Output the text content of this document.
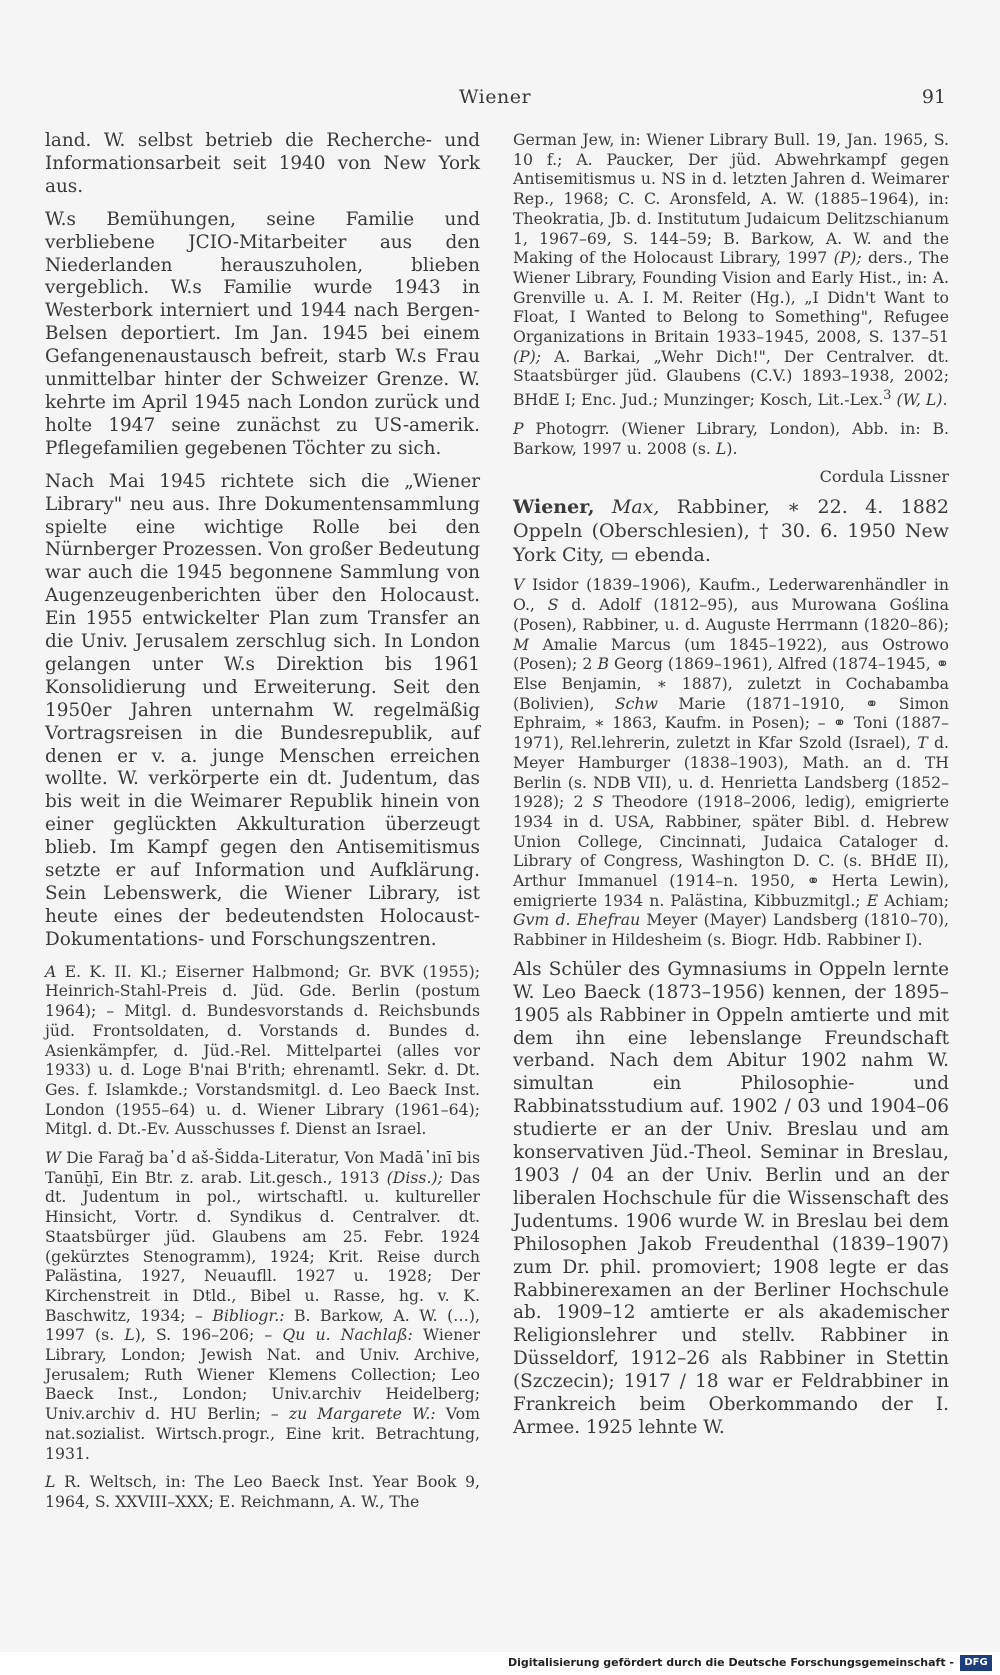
Wiener	91

land. W. selbst betrieb die Recherche- und Informationsarbeit seit 1940 von New York aus.

W.s Bemühungen, seine Familie und verbliebene JCIO-Mitarbeiter aus den Niederlanden herauszuholen, blieben vergeblich. W.s Familie wurde 1943 in Westerbork interniert und 1944 nach Bergen-Belsen deportiert. Im Jan. 1945 bei einem Gefangenenaustausch befreit, starb W.s Frau unmittelbar hinter der Schweizer Grenze. W. kehrte im April 1945 nach London zurück und holte 1947 seine zunächst zu US-amerik. Pflegefamilien gegebenen Töchter zu sich.

Nach Mai 1945 richtete sich die „Wiener Library" neu aus. Ihre Dokumentensammlung spielte eine wichtige Rolle bei den Nürnberger Prozessen. Von großer Bedeutung war auch die 1945 begonnene Sammlung von Augenzeugenberichten über den Holocaust. Ein 1955 entwickelter Plan zum Transfer an die Univ. Jerusalem zerschlug sich. In London gelangen unter W.s Direktion bis 1961 Konsolidierung und Erweiterung. Seit den 1950er Jahren unternahm W. regelmäßig Vortragsreisen in die Bundesrepublik, auf denen er v. a. junge Menschen erreichen wollte. W. verkörperte ein dt. Judentum, das bis weit in die Weimarer Republik hinein von einer geglückten Akkulturation überzeugt blieb. Im Kampf gegen den Antisemitismus setzte er auf Information und Aufklärung. Sein Lebenswerk, die Wiener Library, ist heute eines der bedeutendsten Holocaust-Dokumentations- und Forschungszentren.

A E. K. II. Kl.; Eiserner Halbmond; Gr. BVK (1955); Heinrich-Stahl-Preis d. Jüd. Gde. Berlin (postum 1964); – Mitgl. d. Bundesvorstands d. Reichsbunds jüd. Frontsoldaten, d. Vorstands d. Bundes d. Asienkämpfer, d. Jüd.-Rel. Mittelpartei (alles vor 1933) u. d. Loge B'nai B'rith; ehrenamtl. Sekr. d. Dt. Ges. f. Islamkde.; Vorstandsmitgl. d. Leo Baeck Inst. London (1955–64) u. d. Wiener Library (1961–64); Mitgl. d. Dt.-Ev. Ausschusses f. Dienst an Israel.

W Die Farağ ba῾d aš-Šidda-Literatur, Von Madā᾿inī bis Tanūḫī, Ein Btr. z. arab. Lit.gesch., 1913 (Diss.); Das dt. Judentum in pol., wirtschaftl. u. kultureller Hinsicht, Vortr. d. Syndikus d. Centralver. dt. Staatsbürger jüd. Glaubens am 25. Febr. 1924 (gekürztes Stenogramm), 1924; Krit. Reise durch Palästina, 1927, Neuaufll. 1927 u. 1928; Der Kirchenstreit in Dtld., Bibel u. Rasse, hg. v. K. Baschwitz, 1934; – Bibliogr.: B. Barkow, A. W. (…), 1997 (s. L), S. 196–206; – Qu u. Nachlaß: Wiener Library, London; Jewish Nat. and Univ. Archive, Jerusalem; Ruth Wiener Klemens Collection; Leo Baeck Inst., London; Univ.archiv Heidelberg; Univ.archiv d. HU Berlin; – zu Margarete W.: Vom nat.sozialist. Wirtsch.progr., Eine krit. Betrachtung, 1931.

L R. Weltsch, in: The Leo Baeck Inst. Year Book 9, 1964, S. XXVIII–XXX; E. Reichmann, A. W., The

German Jew, in: Wiener Library Bull. 19, Jan. 1965, S. 10 f.; A. Paucker, Der jüd. Abwehrkampf gegen Antisemitismus u. NS in d. letzten Jahren d. Weimarer Rep., 1968; C. C. Aronsfeld, A. W. (1885–1964), in: Theokratia, Jb. d. Institutum Judaicum Delitzschianum 1, 1967–69, S. 144–59; B. Barkow, A. W. and the Making of the Holocaust Library, 1997 (P); ders., The Wiener Library, Founding Vision and Early Hist., in: A. Grenville u. A. I. M. Reiter (Hg.), „I Didn't Want to Float, I Wanted to Belong to Something", Refugee Organizations in Britain 1933–1945, 2008, S. 137–51 (P); A. Barkai, „Wehr Dich!", Der Centralver. dt. Staatsbürger jüd. Glaubens (C.V.) 1893–1938, 2002; BHdE I; Enc. Jud.; Munzinger; Kosch, Lit.-Lex.$^3$ (W, L).

P Photogrr. (Wiener Library, London), Abb. in: B. Barkow, 1997 u. 2008 (s. L).

Cordula Lissner

Wiener, Max, Rabbiner, ∗ 22. 4. 1882 Oppeln (Oberschlesien), † 30. 6. 1950 New York City, ▭ ebenda.

V Isidor (1839–1906), Kaufm., Lederwarenhändler in O., S d. Adolf (1812–95), aus Murowana Goślina (Posen), Rabbiner, u. d. Auguste Herrmann (1820–86); M Amalie Marcus (um 1845–1922), aus Ostrowo (Posen); 2 B Georg (1869–1961), Alfred (1874–1945, ⚭ Else Benjamin, ∗ 1887), zuletzt in Cochabamba (Bolivien), Schw Marie (1871–1910, ⚭ Simon Ephraim, ∗ 1863, Kaufm. in Posen); – ⚭ Toni (1887–1971), Rel.lehrerin, zuletzt in Kfar Szold (Israel), T d. Meyer Hamburger (1838–1903), Math. an d. TH Berlin (s. NDB VII), u. d. Henrietta Landsberg (1852–1928); 2 S Theodore (1918–2006, ledig), emigrierte 1934 in d. USA, Rabbiner, später Bibl. d. Hebrew Union College, Cincinnati, Judaica Cataloger d. Library of Congress, Washington D. C. (s. BHdE II), Arthur Immanuel (1914–n. 1950, ⚭ Herta Lewin), emigrierte 1934 n. Palästina, Kibbuzmitgl.; E Achiam; Gvm d. Ehefrau Meyer (Mayer) Landsberg (1810–70), Rabbiner in Hildesheim (s. Biogr. Hdb. Rabbiner I).

Als Schüler des Gymnasiums in Oppeln lernte W. Leo Baeck (1873–1956) kennen, der 1895–1905 als Rabbiner in Oppeln amtierte und mit dem ihn eine lebenslange Freundschaft verband. Nach dem Abitur 1902 nahm W. simultan ein Philosophie- und Rabbinatsstudium auf. 1902 / 03 und 1904–06 studierte er an der Univ. Breslau und am konservativen Jüd.-Theol. Seminar in Breslau, 1903 / 04 an der Univ. Berlin und an der liberalen Hochschule für die Wissenschaft des Judentums. 1906 wurde W. in Breslau bei dem Philosophen Jakob Freudenthal (1839–1907) zum Dr. phil. promoviert; 1908 legte er das Rabbinerexamen an der Berliner Hochschule ab. 1909–12 amtierte er als akademischer Religionslehrer und stellv. Rabbiner in Düsseldorf, 1912–26 als Rabbiner in Stettin (Szczecin); 1917 / 18 war er Feldrabbiner in Frankreich beim Oberkommando der I. Armee. 1925 lehnte W.

Digitalisierung gefördert durch die Deutsche Forschungsgemeinschaft -	DFG
